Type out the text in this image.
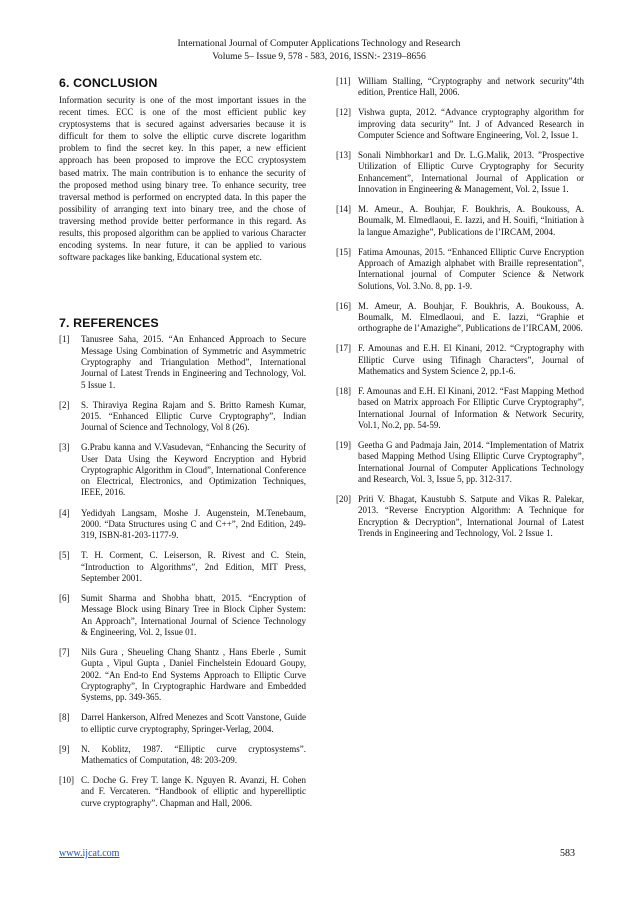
International Journal of Computer Applications Technology and Research
Volume 5– Issue 9, 578 - 583, 2016, ISSN:- 2319–8656
6. CONCLUSION

Information security is one of the most important issues in the recent times. ECC is one of the most efficient public key cryptosystems that is secured against adversaries because it is difficult for them to solve the elliptic curve discrete logarithm problem to find the secret key. In this paper, a new efficient approach has been proposed to improve the ECC cryptosystem based matrix. The main contribution is to enhance the security of the proposed method using binary tree. To enhance security, tree traversal method is performed on encrypted data. In this paper the possibility of arranging text into binary tree, and the chose of traversing method provide better performance in this regard. As results, this proposed algorithm can be applied to various Character encoding systems. In near future, it can be applied to various software packages like banking, Educational system etc.

7. REFERENCES
[1]	Tanusree Saha, 2015. “An Enhanced Approach to Secure Message Using Combination of Symmetric and Asymmetric Cryptography and Triangulation Method”, International Journal of Latest Trends in Engineering and Technology, Vol. 5 Issue 1.
[2]	S. Thiraviya Regina Rajam and S. Britto Ramesh Kumar, 2015. “Enhanced Elliptic Curve Cryptography”, Indian Journal of Science and Technology, Vol 8 (26).
[3]	G.Prabu kanna and V.Vasudevan, “Enhancing the Security of User Data Using the Keyword Encryption and Hybrid Cryptographic Algorithm in Cloud”, International Conference on Electrical, Electronics, and Optimization Techniques, IEEE, 2016.
[4]	Yedidyah Langsam, Moshe J. Augenstein, M.Tenebaum, 2000. “Data Structures using C and C++”, 2nd Edition, 249-319, ISBN-81-203-1177-9.
[5]	T. H. Corment, C. Leiserson, R. Rivest and C. Stein, “Introduction to Algorithms”, 2nd Edition, MIT Press, September 2001.
[6]	Sumit Sharma and Shobha bhatt, 2015. “Encryption of Message Block using Binary Tree in Block Cipher System: An Approach”, International Journal of Science Technology & Engineering, Vol. 2, Issue 01.
[7]	Nils Gura , Sheueling Chang Shantz , Hans Eberle , Sumit Gupta , Vipul Gupta , Daniel Finchelstein Edouard Goupy, 2002. “An End-to End Systems Approach to Elliptic Curve Cryptography”, In Cryptographic Hardware and Embedded Systems, pp. 349-365.
[8]	Darrel Hankerson, Alfred Menezes and Scott Vanstone, Guide to elliptic curve cryptography, Springer-Verlag, 2004.
[9]	N. Koblitz, 1987. “Elliptic curve cryptosystems”. Mathematics of Computation, 48: 203-209.
[10] C. Doche G. Frey T. lange K. Nguyen R. Avanzi, H. Cohen and F. Vercateren. “Handbook of elliptic and hyperelliptic curve cryptography”. Chapman and Hall, 2006.
[11] William Stalling, “Cryptography and network security”4th edition, Prentice Hall, 2006.
[12] Vishwa gupta, 2012. “Advance cryptography algorithm for improving data security” Int. J of Advanced Research in Computer Science and Software Engineering, Vol. 2, Issue 1.
[13] Sonali Nimbhorkar1 and Dr. L.G.Malik, 2013. ”Prospective Utilization of Elliptic Curve Cryptography for Security Enhancement”, International Journal of Application or Innovation in Engineering & Management, Vol. 2, Issue 1.
[14] M. Ameur., A. Bouhjar, F. Boukhris, A. Boukouss, A. Boumalk, M. Elmedlaoui, E. Iazzi, and H. Souifi, “Initiation à la langue Amazighe”, Publications de l’IRCAM, 2004.
[15] Fatima Amounas, 2015. “Enhanced Elliptic Curve Encryption Approach of Amazigh alphabet with Braille representation”, International journal of Computer Science & Network Solutions, Vol. 3.No. 8, pp. 1-9.
[16] M. Ameur, A. Bouhjar, F. Boukhris, A. Boukouss, A. Boumalk, M. Elmedlaoui, and E. Iazzi, “Graphie et orthographe de l’Amazighe”, Publications de l’IRCAM, 2006.
[17] F. Amounas and E.H. El Kinani, 2012. “Cryptography with Elliptic Curve using Tifinagh Characters”, Journal of Mathematics and System Science 2, pp.1-6.
[18] F. Amounas and E.H. El Kinani, 2012. “Fast Mapping Method based on Matrix approach For Elliptic Curve Cryptography”, International Journal of Information & Network Security, Vol.1, No.2, pp. 54-59.
[19] Geetha G and Padmaja Jain, 2014. “Implementation of Matrix based Mapping Method Using Elliptic Curve Cryptography”, International Journal of Computer Applications Technology and Research, Vol. 3, Issue 5, pp. 312-317.
[20] Priti V. Bhagat, Kaustubh S. Satpute and Vikas R. Palekar, 2013. “Reverse Encryption Algorithm: A Technique for Encryption & Decryption”, International Journal of Latest Trends in Engineering and Technology, Vol. 2 Issue 1.
www.ijcat.com	583
